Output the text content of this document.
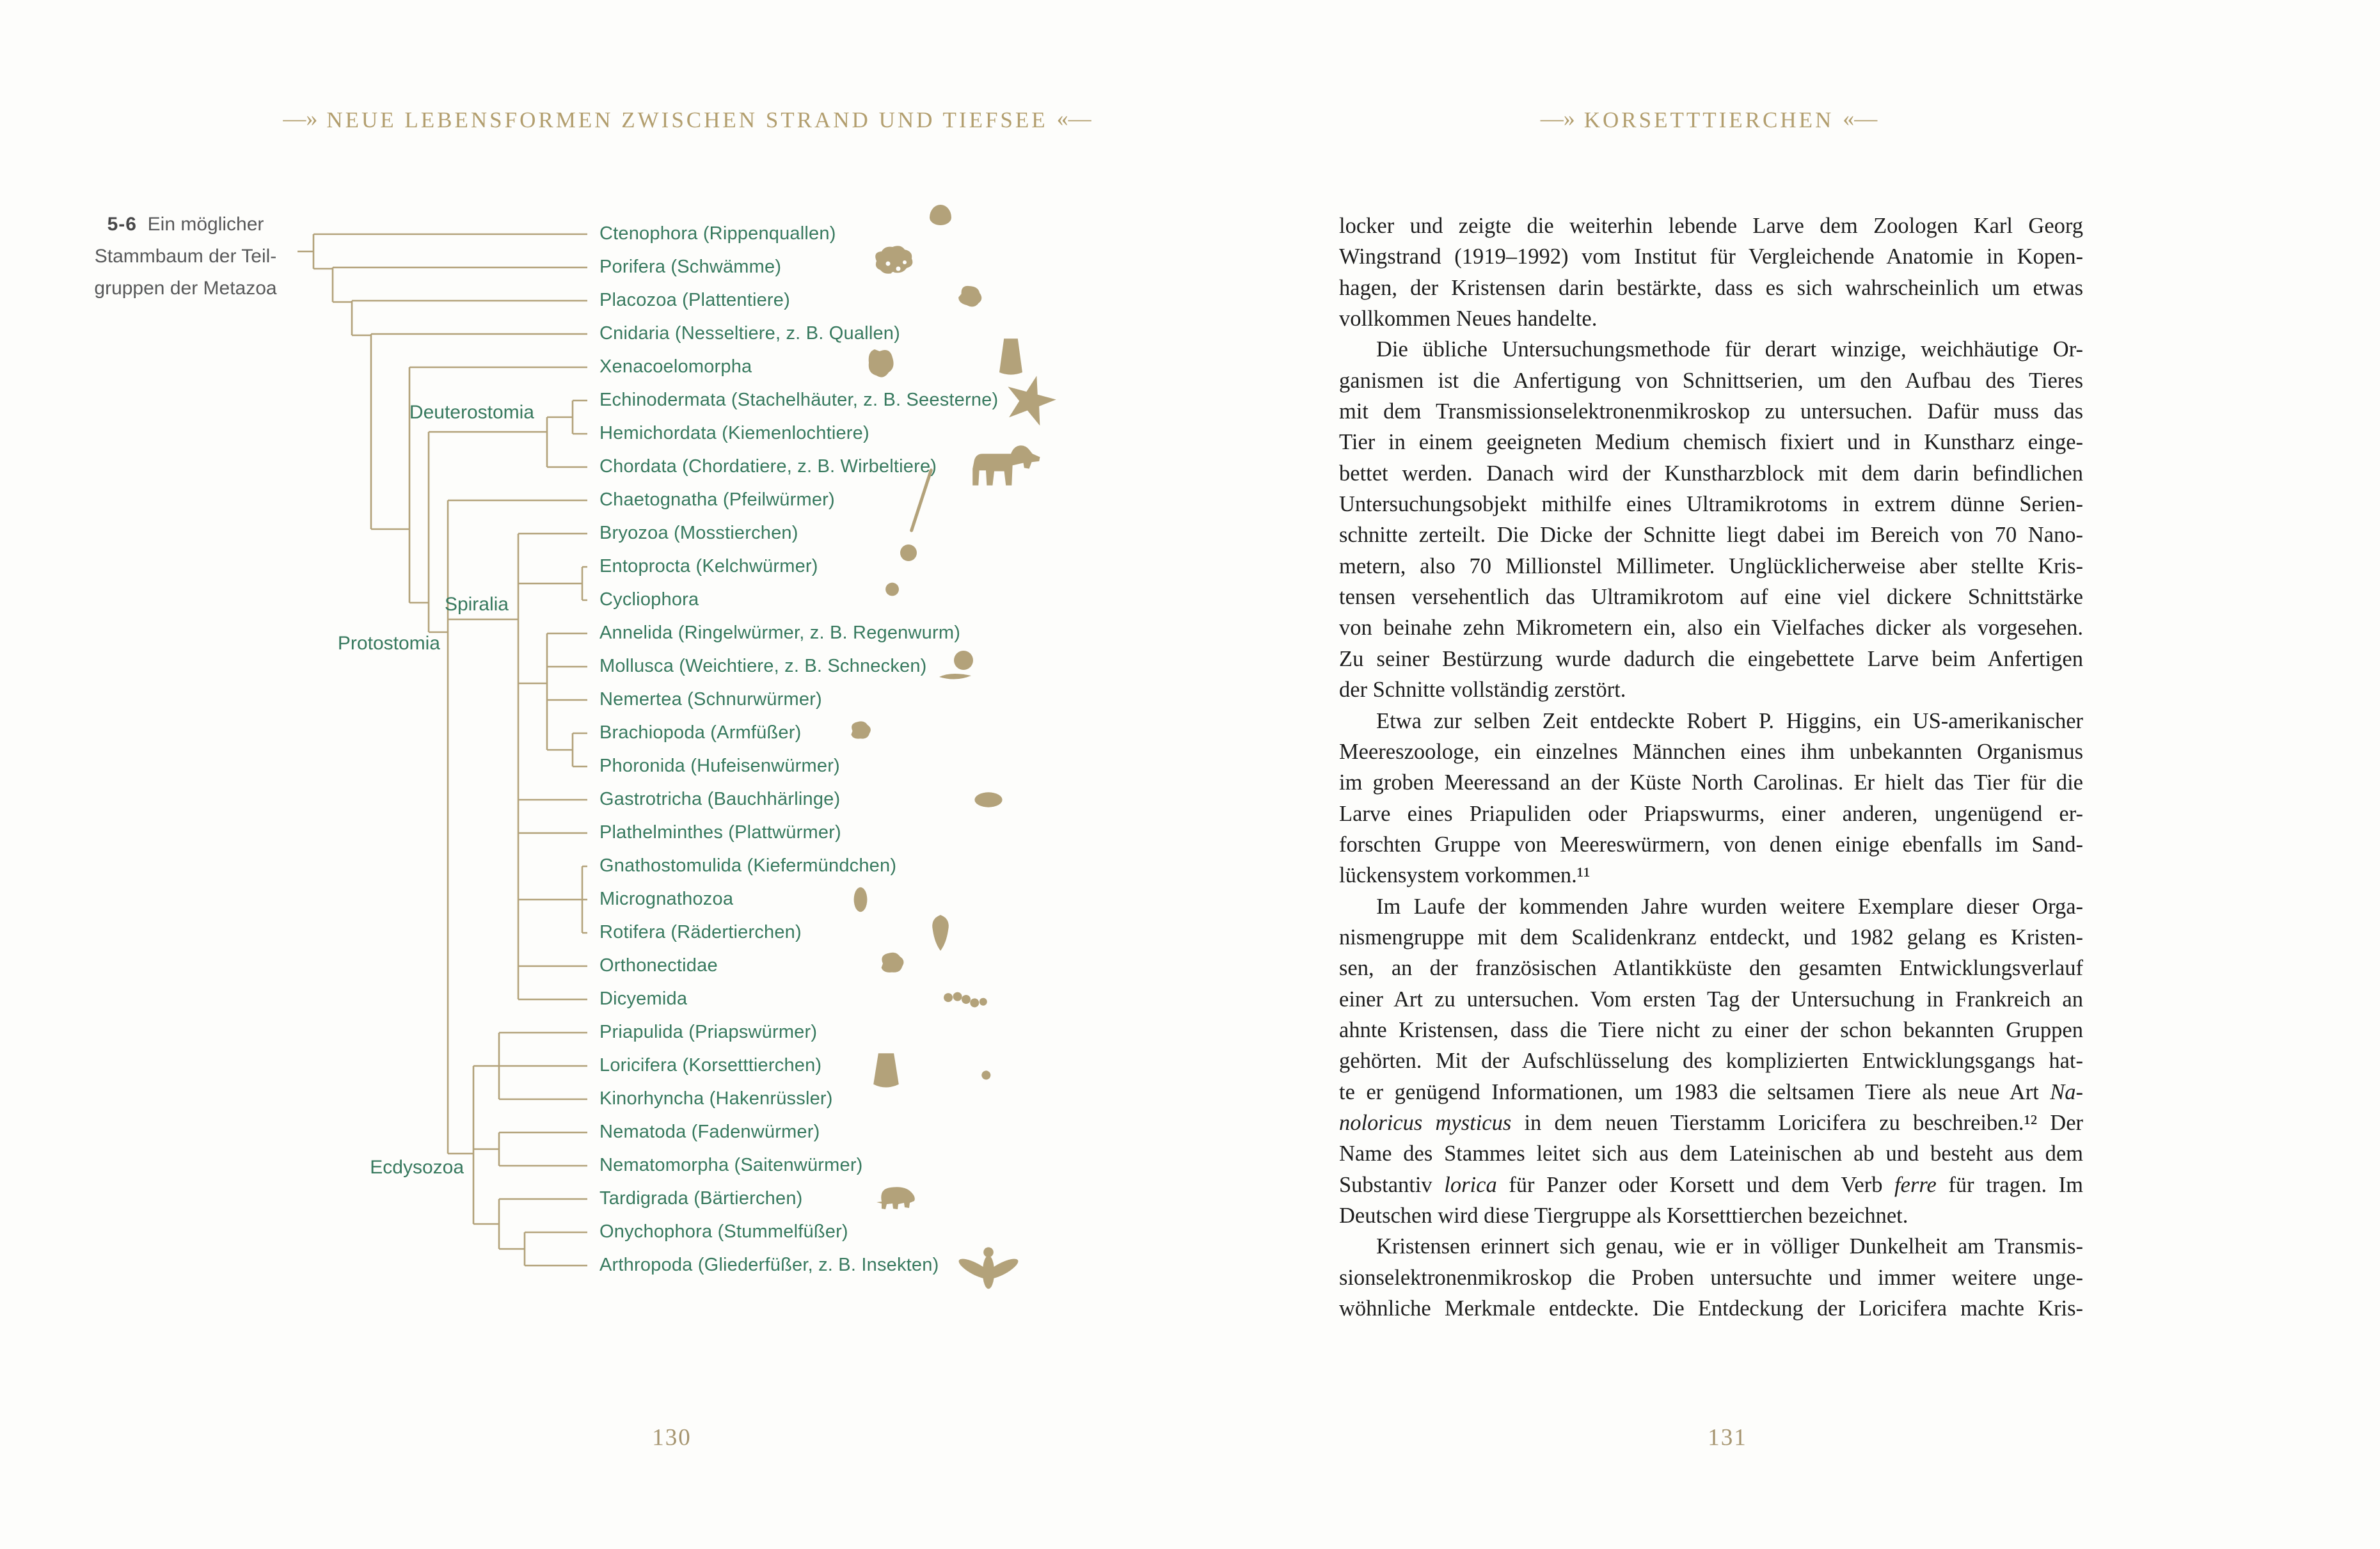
—» NEUE LEBENSFORMEN ZWISCHEN STRAND UND TIEFSEE «—	—» KORSETTTIERCHEN «—
5-6 Ein möglicher
Stammbaum der Teil-
gruppen der Metazoa
Ctenophora (Rippenquallen)
Porifera (Schwämme)
Placozoa (Plattentiere)
Cnidaria (Nesseltiere, z. B. Quallen)
Xenacoelomorpha
Echinodermata (Stachelhäuter, z. B. Seesterne)
Hemichordata (Kiemenlochtiere)
Chordata (Chordatiere, z. B. Wirbeltiere)
Chaetognatha (Pfeilwürmer)
Bryozoa (Mosstierchen)
Entoprocta (Kelchwürmer)
Cycliophora
Annelida (Ringelwürmer, z. B. Regenwurm)
Mollusca (Weichtiere, z. B. Schnecken)
Nemertea (Schnurwürmer)
Brachiopoda (Armfüßer)
Phoronida (Hufeisenwürmer)
Gastrotricha (Bauchhärlinge)
Plathelminthes (Plattwürmer)
Gnathostomulida (Kiefermündchen)
Micrognathozoa
Rotifera (Rädertierchen)
Orthonectidae
Dicyemida
Priapulida (Priapswürmer)
Loricifera (Korsetttierchen)
Kinorhyncha (Hakenrüssler)
Nematoda (Fadenwürmer)
Nematomorpha (Saitenwürmer)
Tardigrada (Bärtierchen)
Onychophora (Stummelfüßer)
Arthropoda (Gliederfüßer, z. B. Insekten)
Deuterostomia
Spiralia
Protostomia
Ecdysozoa
locker und zeigte die weiterhin lebende Larve dem Zoologen Karl Georg
Wingstrand (1919–1992) vom Institut für Vergleichende Anatomie in Kopen-
hagen, der Kristensen darin bestärkte, dass es sich wahrscheinlich um etwas
vollkommen Neues handelte.
Die übliche Untersuchungsmethode für derart winzige, weichhäutige Or-
ganismen ist die Anfertigung von Schnittserien, um den Aufbau des Tieres
mit dem Transmissionselektronenmikroskop zu untersuchen. Dafür muss das
Tier in einem geeigneten Medium chemisch fixiert und in Kunstharz einge-
bettet werden. Danach wird der Kunstharzblock mit dem darin befindlichen
Untersuchungsobjekt mithilfe eines Ultramikrotoms in extrem dünne Serien-
schnitte zerteilt. Die Dicke der Schnitte liegt dabei im Bereich von 70 Nano-
metern, also 70 Millionstel Millimeter. Unglücklicherweise aber stellte Kris-
tensen versehentlich das Ultramikrotom auf eine viel dickere Schnittstärke
von beinahe zehn Mikrometern ein, also ein Vielfaches dicker als vorgesehen.
Zu seiner Bestürzung wurde dadurch die eingebettete Larve beim Anfertigen
der Schnitte vollständig zerstört.
Etwa zur selben Zeit entdeckte Robert P. Higgins, ein US-amerikanischer
Meereszoologe, ein einzelnes Männchen eines ihm unbekannten Organismus
im groben Meeressand an der Küste North Carolinas. Er hielt das Tier für die
Larve eines Priapuliden oder Priapswurms, einer anderen, ungenügend er-
forschten Gruppe von Meereswürmern, von denen einige ebenfalls im Sand-
lückensystem vorkommen.¹¹
Im Laufe der kommenden Jahre wurden weitere Exemplare dieser Orga-
nismengruppe mit dem Scalidenkranz entdeckt, und 1982 gelang es Kristen-
sen, an der französischen Atlantikküste den gesamten Entwicklungsverlauf
einer Art zu untersuchen. Vom ersten Tag der Untersuchung in Frankreich an
ahnte Kristensen, dass die Tiere nicht zu einer der schon bekannten Gruppen
gehörten. Mit der Aufschlüsselung des komplizierten Entwicklungsgangs hat-
te er genügend Informationen, um 1983 die seltsamen Tiere als neue Art Na-
noloricus mysticus in dem neuen Tierstamm Loricifera zu beschreiben.¹² Der
Name des Stammes leitet sich aus dem Lateinischen ab und besteht aus dem
Substantiv lorica für Panzer oder Korsett und dem Verb ferre für tragen. Im
Deutschen wird diese Tiergruppe als Korsetttierchen bezeichnet.
Kristensen erinnert sich genau, wie er in völliger Dunkelheit am Transmis-
sionselektronenmikroskop die Proben untersuchte und immer weitere unge-
wöhnliche Merkmale entdeckte. Die Entdeckung der Loricifera machte Kris-
130	131
